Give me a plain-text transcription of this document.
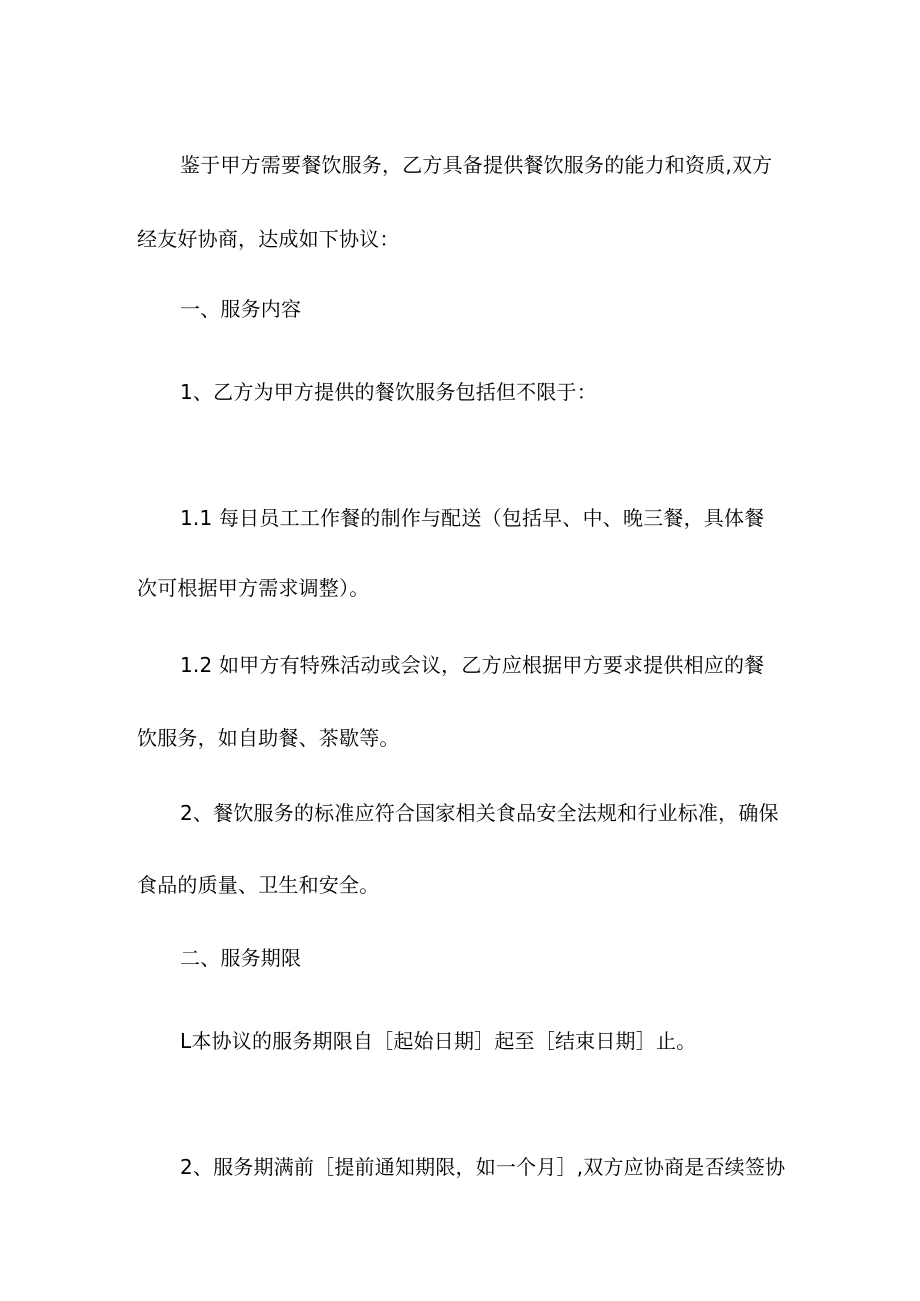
鉴于甲方需要餐饮服务，乙方具备提供餐饮服务的能力和资质,双方
经友好协商，达成如下协议：
一、服务内容
1、乙方为甲方提供的餐饮服务包括但不限于：
1.1 每日员工工作餐的制作与配送（包括早、中、晚三餐，具体餐
次可根据甲方需求调整）。
1.2 如甲方有特殊活动或会议，乙方应根据甲方要求提供相应的餐
饮服务，如自助餐、茶歇等。
2、餐饮服务的标准应符合国家相关食品安全法规和行业标准，确保
食品的质量、卫生和安全。
二、服务期限
L本协议的服务期限自［起始日期］起至［结束日期］止。
2、服务期满前［提前通知期限，如一个月］,双方应协商是否续签协
